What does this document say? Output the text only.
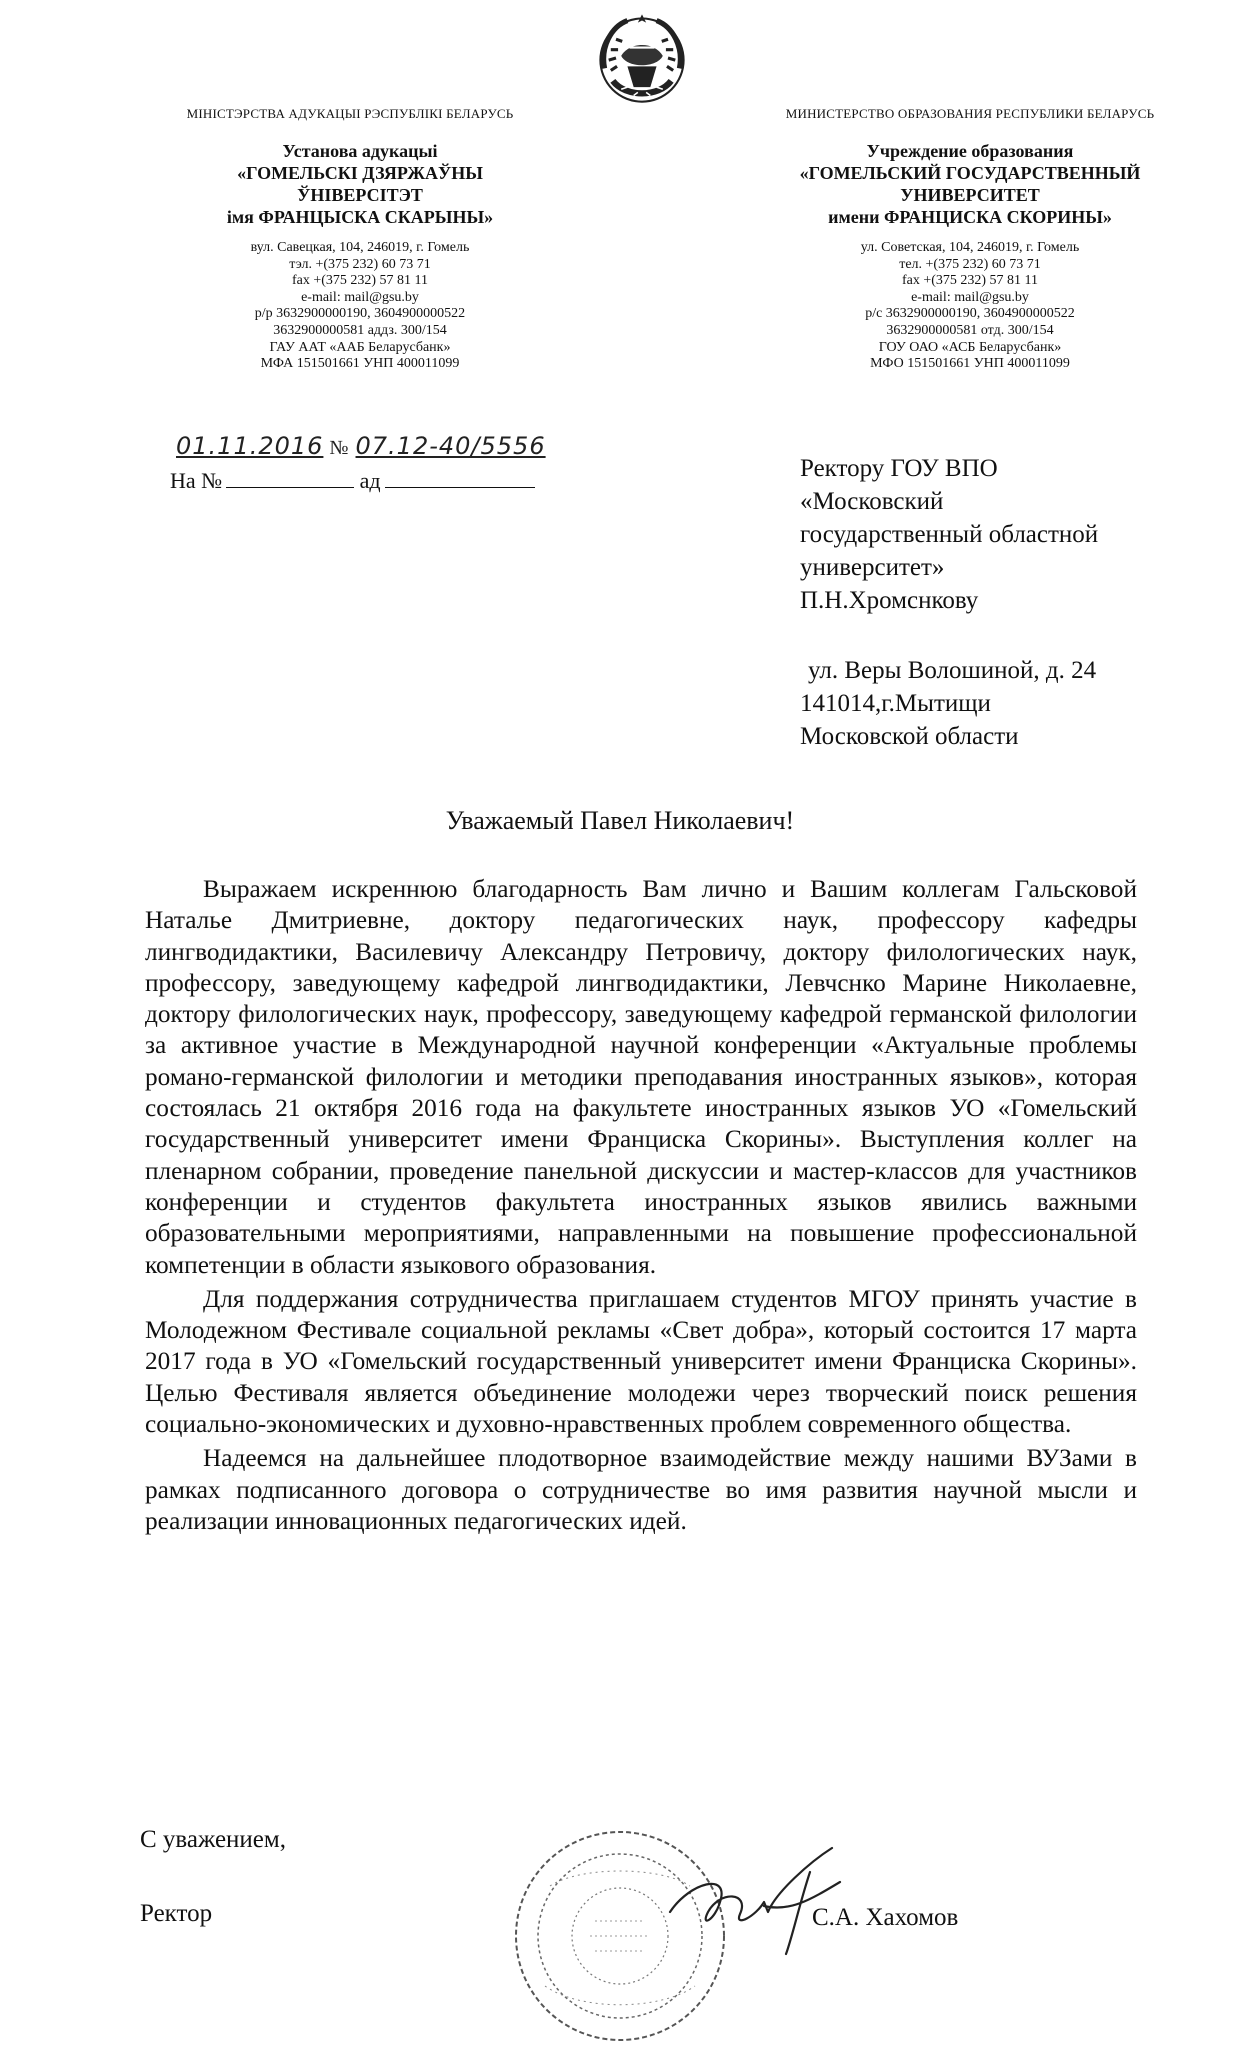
МІНІСТЭРСТВА АДУКАЦЫІ РЭСПУБЛІКІ БЕЛАРУСЬ
Установа адукацыі
«ГОМЕЛЬСКІ ДЗЯРЖАЎНЫ
ЎНІВЕРСІТЭТ
імя ФРАНЦЫСКА СКАРЫНЫ»
вул. Савецкая, 104, 246019, г. Гомель
тэл. +(375 232) 60 73 71
fax +(375 232) 57 81 11
e-mail: mail@gsu.by
р/р 3632900000190, 3604900000522
3632900000581 аддз. 300/154
ГАУ ААТ «ААБ Беларусбанк»
МФА 151501661 УНП 400011099
МИНИСТЕРСТВО ОБРАЗОВАНИЯ РЕСПУБЛИКИ БЕЛАРУСЬ
Учреждение образования
«ГОМЕЛЬСКИЙ ГОСУДАРСТВЕННЫЙ
УНИВЕРСИТЕТ
имени ФРАНЦИСКА СКОРИНЫ»
ул. Советская, 104, 246019, г. Гомель
тел. +(375 232) 60 73 71
fax +(375 232) 57 81 11
e-mail: mail@gsu.by
р/с 3632900000190, 3604900000522
3632900000581 отд. 300/154
ГОУ ОАО «АСБ Беларусбанк»
МФО 151501661 УНП 400011099
01.11.2016 № 07.12-40/5556
На №	ад	Ректору ГОУ ВПО
«Московский
государственный областной
университет»
П.Н.Хромснкову
ул. Веры Волошиной, д. 24
141014,г.Мытищи
Московской области
Уважаемый Павел Николаевич!

Выражаем искреннюю благодарность Вам лично и Вашим коллегам Гальсковой Наталье Дмитриевне, доктору педагогических наук, профессору кафедры лингводидактики, Василевичу Александру Петровичу, доктору филологических наук, профессору, заведующему кафедрой лингводидактики, Левчснко Марине Николаевне, доктору филологических наук, профессору, заведующему кафедрой германской филологии за активное участие в Международной научной конференции «Актуальные проблемы романо-германской филологии и методики преподавания иностранных языков», которая состоялась 21 октября 2016 года на факультете иностранных языков УО «Гомельский государственный университет имени Франциска Скорины». Выступления коллег на пленарном собрании, проведение панельной дискуссии и мастер-классов для участников конференции и студентов факультета иностранных языков явились важными образовательными мероприятиями, направленными на повышение профессиональной компетенции в области языкового образования.

Для поддержания сотрудничества приглашаем студентов МГОУ принять участие в Молодежном Фестивале социальной рекламы «Свет добра», который состоится 17 марта 2017 года в УО «Гомельский государственный университет имени Франциска Скорины». Целью Фестиваля является объединение молодежи через творческий поиск решения социально-экономических и духовно-нравственных проблем современного общества.

Надеемся на дальнейшее плодотворное взаимодействие между нашими ВУЗами в рамках подписанного договора о сотрудничестве во имя развития научной мысли и реализации инновационных педагогических идей.

С уважением,
Ректор	С.А. Хахомов
